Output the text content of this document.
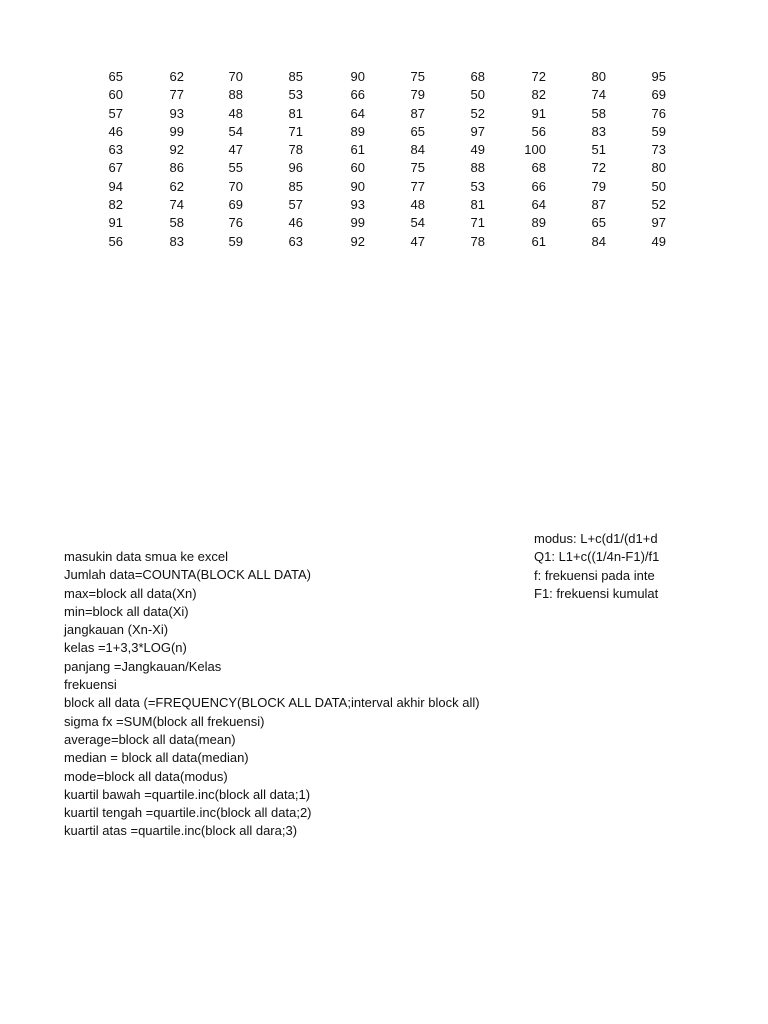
65	62	70	85	90	75	68	72	80	95
60	77	88	53	66	79	50	82	74	69
57	93	48	81	64	87	52	91	58	76
46	99	54	71	89	65	97	56	83	59
63	92	47	78	61	84	49	100	51	73
67	86	55	96	60	75	88	68	72	80
94	62	70	85	90	77	53	66	79	50
82	74	69	57	93	48	81	64	87	52
91	58	76	46	99	54	71	89	65	97
56	83	59	63	92	47	78	61	84	49
masukin data smua ke excel
Jumlah data=COUNTA(BLOCK ALL DATA)
max=block all data(Xn)
min=block all data(Xi)
jangkauan (Xn-Xi)
kelas =1+3,3*LOG(n)
panjang =Jangkauan/Kelas
frekuensi
block all data (=FREQUENCY(BLOCK ALL DATA;interval akhir block all)
sigma fx =SUM(block all frekuensi)
average=block all data(mean)
median = block all data(median)
mode=block all data(modus)
kuartil bawah =quartile.inc(block all data;1)
kuartil tengah =quartile.inc(block all data;2)
kuartil atas =quartile.inc(block all dara;3)
modus: L+c(d1/(d1+d
Q1: L1+c((1/4n-F1)/f1
f: frekuensi pada inte
F1: frekuensi kumulat
